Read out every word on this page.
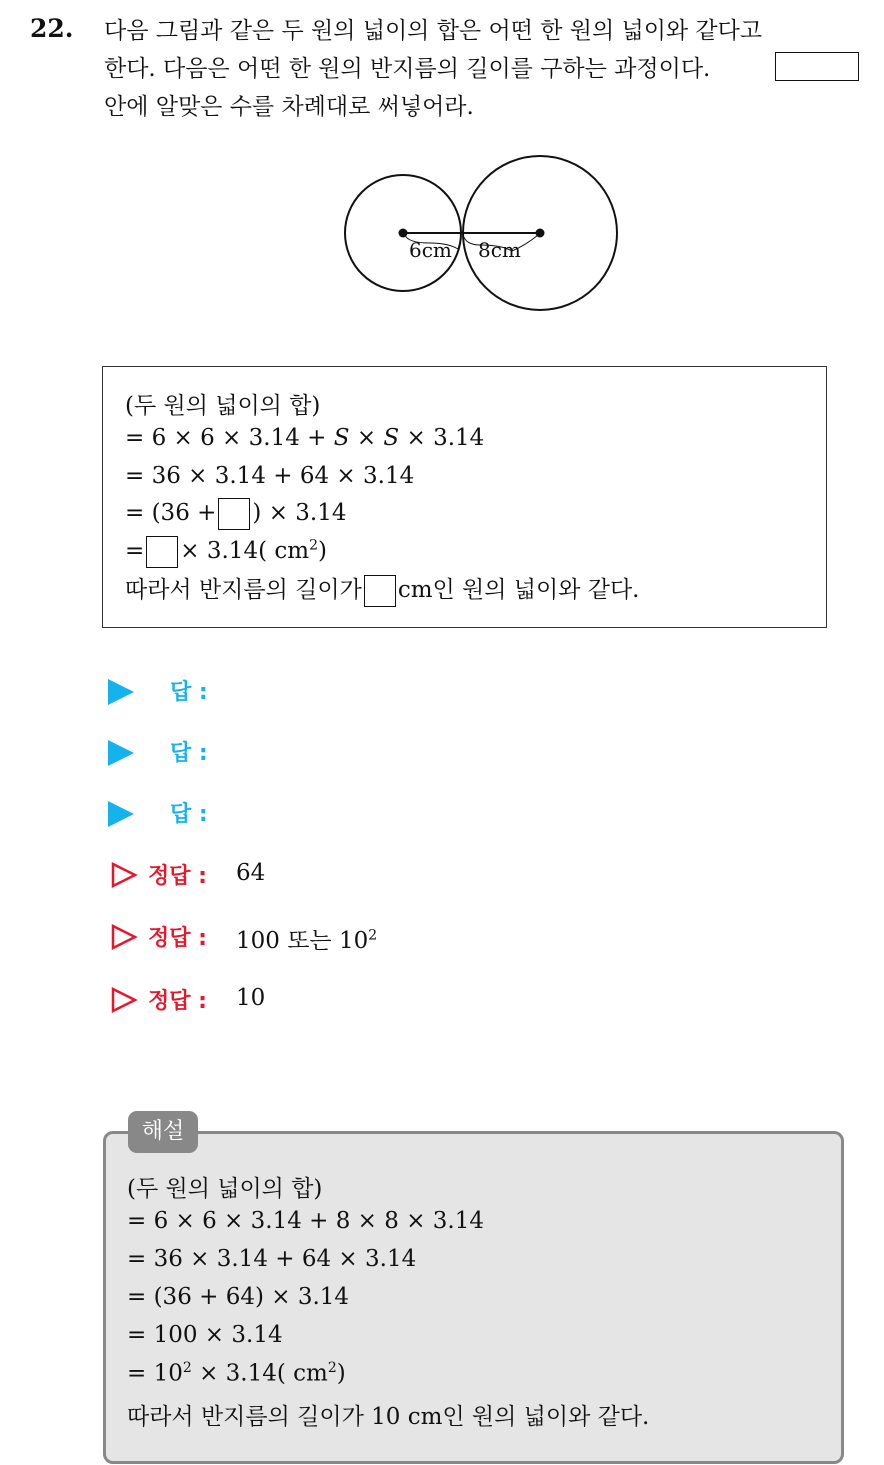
22. 다음 그림과 같은 두 원의 넓이의 합은 어떤 한 원의 넓이와 같다고
한다. 다음은 어떤 한 원의 반지름의 길이를 구하는 과정이다.
안에 알맞은 수를 차례대로 써넣어라.
6cm 8cm
(두 원의 넓이의 합)
= 6 × 6 × 3.14 + S × S × 3.14
= 36 × 3.14 + 64 × 3.14
= (36 + ) × 3.14
= × 3.14( $cm^2$)
따라서 반지름의 길이가 cm인 원의 넓이와 같다.
답 :
답 :
답 :
정답 : 64
정답 : 100 또는 $10^2$
정답 : 10
해설
(두 원의 넓이의 합)
= 6 × 6 × 3.14 + 8 × 8 × 3.14
= 36 × 3.14 + 64 × 3.14
= (36 + 64) × 3.14
= 100 × 3.14
= $10^2 \times 3.14$( $cm^2$)
따라서 반지름의 길이가 10 cm인 원의 넓이와 같다.
